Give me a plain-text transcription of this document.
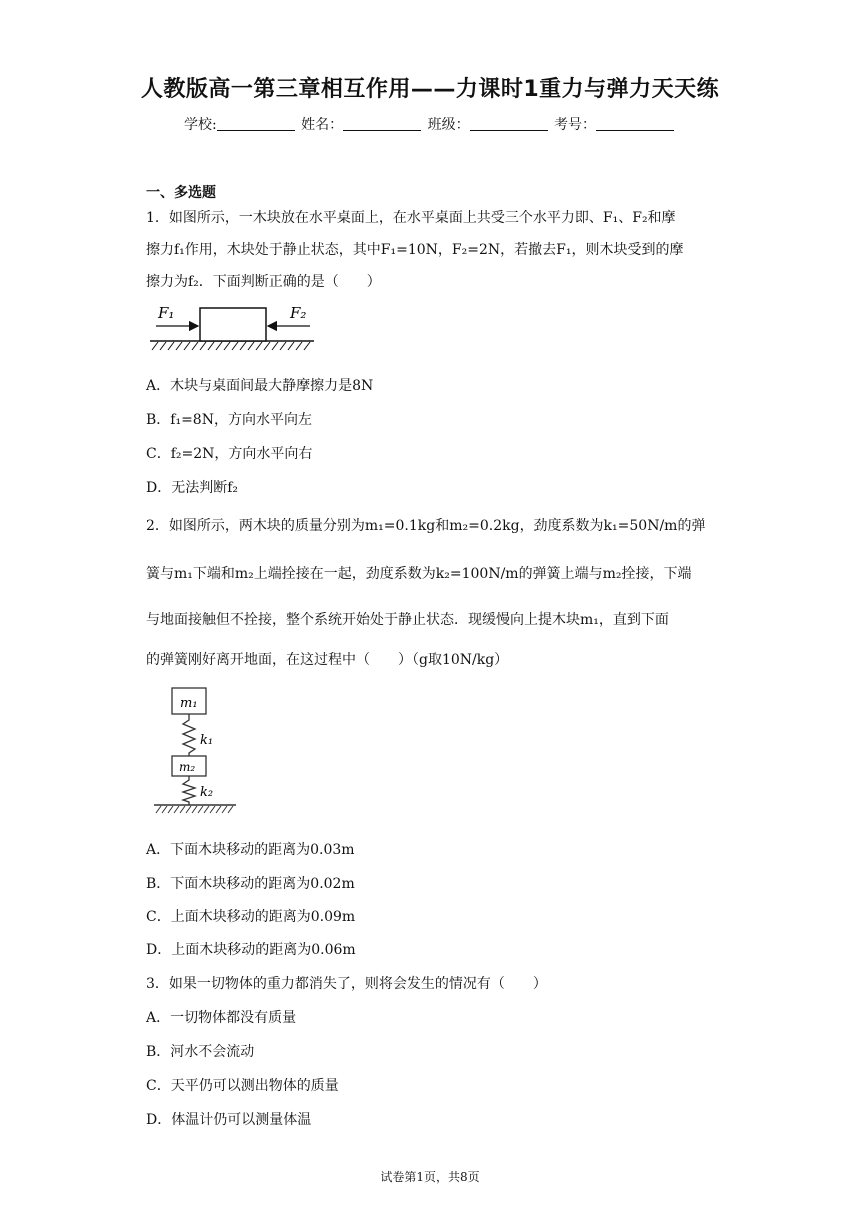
人教版高一第三章相互作用——力课时1重力与弹力天天练
学校:	姓名：	班级：	考号：
一、多选题
1．如图所示，一木块放在水平桌面上，在水平桌面上共受三个水平力即、F₁、F₂和摩
擦力f₁作用，木块处于静止状态，其中F₁=10N，F₂=2N，若撤去F₁，则木块受到的摩
擦力为f₂．下面判断正确的是（　　）
F₁	F₂
A．木块与桌面间最大静摩擦力是8N
B．f₁=8N，方向水平向左
C．f₂=2N，方向水平向右
D．无法判断f₂
2．如图所示，两木块的质量分别为m₁=0.1kg和m₂=0.2kg，劲度系数为k₁=50N/m的弹
簧与m₁下端和m₂上端拴接在一起，劲度系数为k₂=100N/m的弹簧上端与m₂拴接，下端
与地面接触但不拴接，整个系统开始处于静止状态．现缓慢向上提木块m₁，直到下面
的弹簧刚好离开地面，在这过程中（　　）（g取10N/kg）
m₁
k₁
m₂
k₂
A．下面木块移动的距离为0.03m
B．下面木块移动的距离为0.02m
C．上面木块移动的距离为0.09m
D．上面木块移动的距离为0.06m
3．如果一切物体的重力都消失了，则将会发生的情况有（　　）
A．一切物体都没有质量
B．河水不会流动
C．天平仍可以测出物体的质量
D．体温计仍可以测量体温
试卷第1页，共8页
